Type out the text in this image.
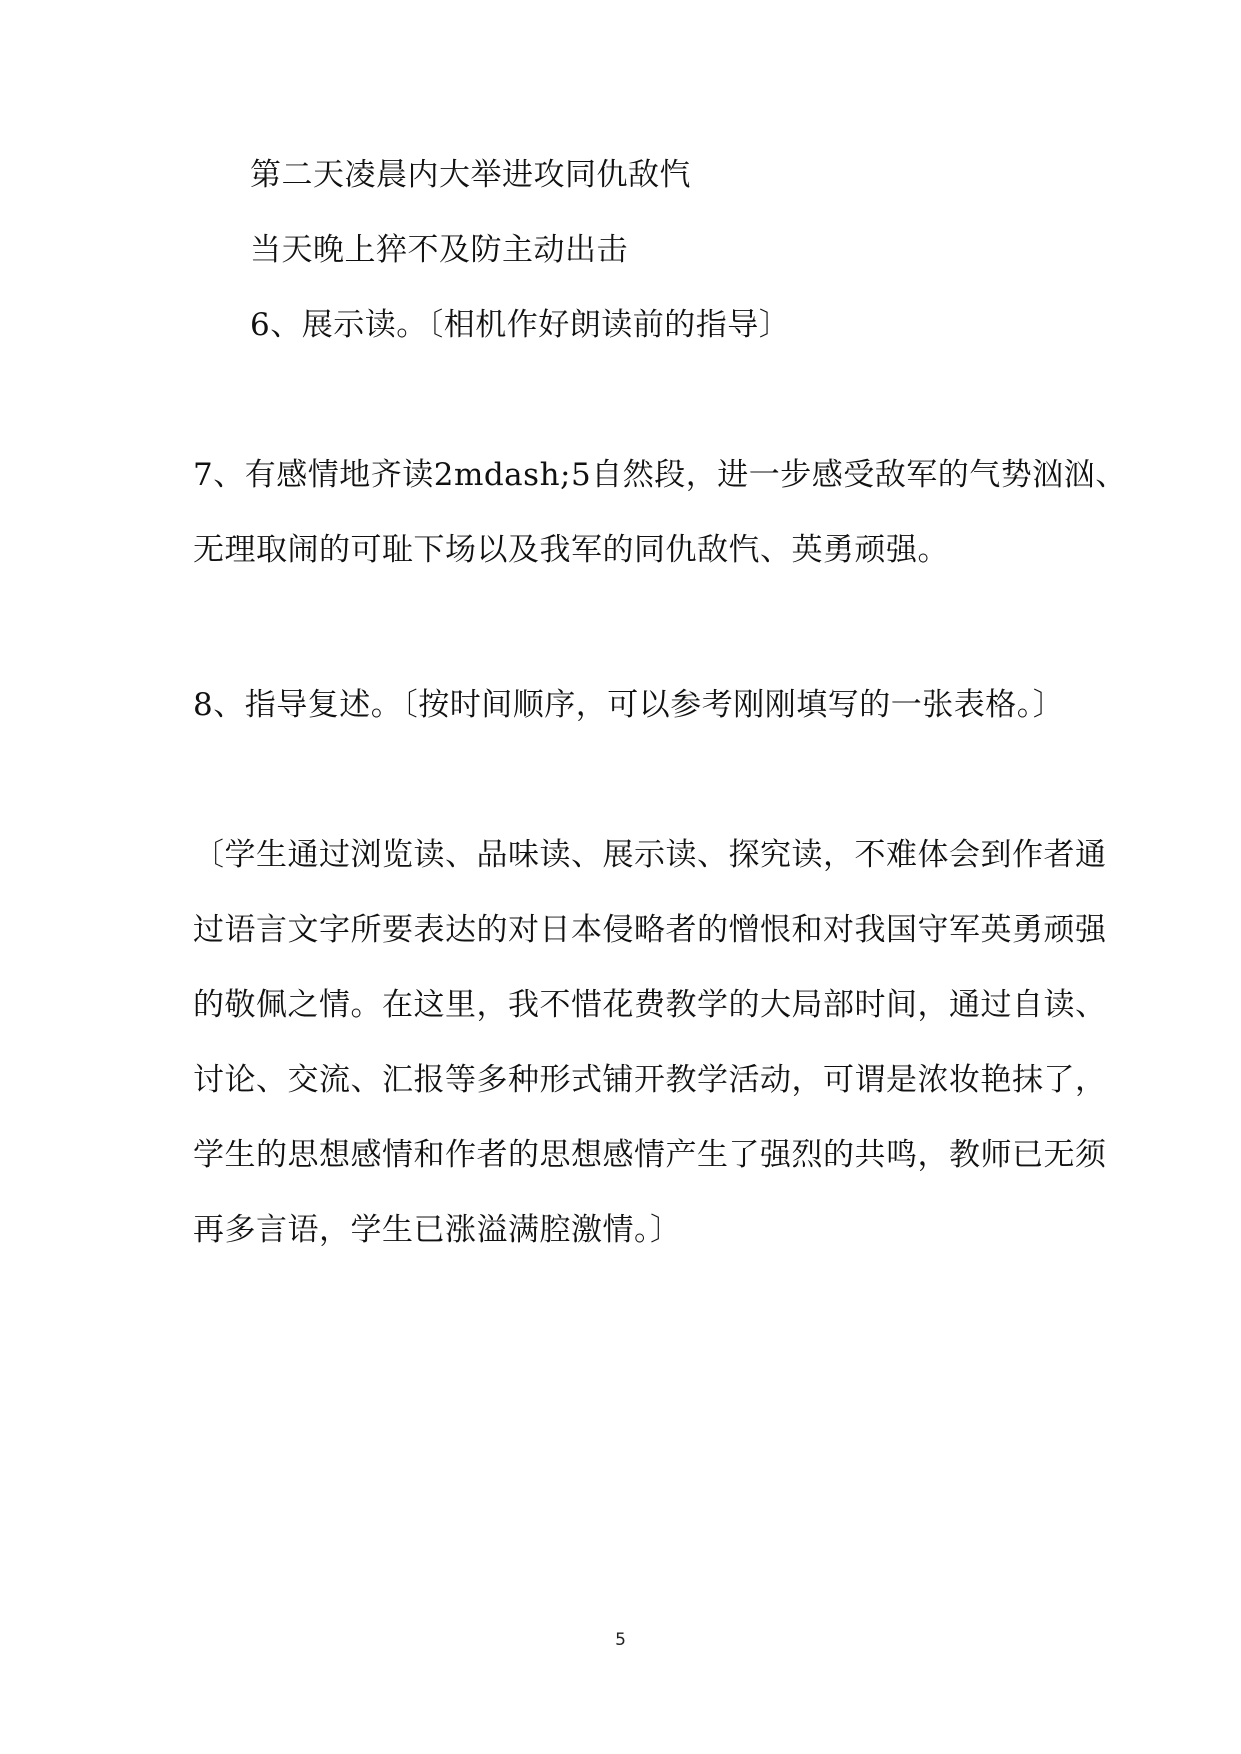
第二天凌晨内大举进攻同仇敌忾
当天晚上猝不及防主动出击
6、展示读。〔相机作好朗读前的指导〕
7、有感情地齐读2mdash;5自然段，进一步感受敌军的气势汹汹、
无理取闹的可耻下场以及我军的同仇敌忾、英勇顽强。
8、指导复述。〔按时间顺序，可以参考刚刚填写的一张表格。〕
〔学生通过浏览读、品味读、展示读、探究读，不难体会到作者通
过语言文字所要表达的对日本侵略者的憎恨和对我国守军英勇顽强
的敬佩之情。在这里，我不惜花费教学的大局部时间，通过自读、
讨论、交流、汇报等多种形式铺开教学活动，可谓是浓妆艳抹了，
学生的思想感情和作者的思想感情产生了强烈的共鸣，教师已无须
再多言语，学生已涨溢满腔激情。〕
5
